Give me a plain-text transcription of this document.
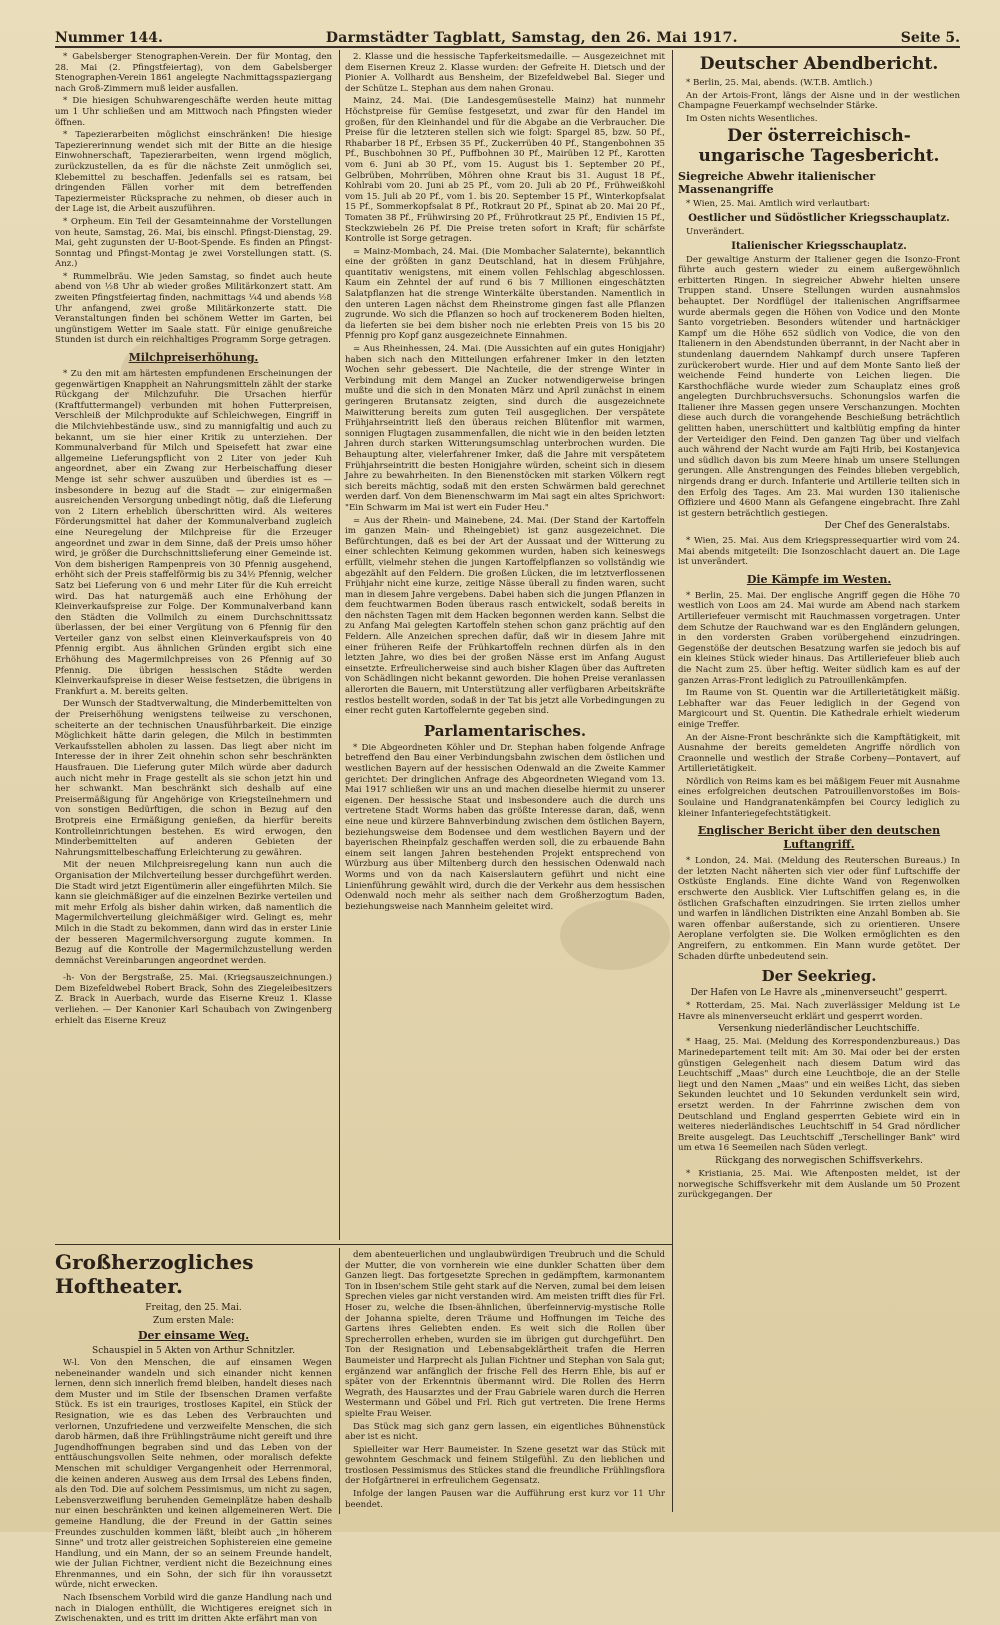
Nummer 144.	Darmstädter Tagblatt, Samstag, den 26. Mai 1917.	Seite 5.

* Gabelsberger Stenographen-Verein. Der für Montag, den 28. Mai (2. Pfingstfeiertag), von dem Gabelsberger Stenographen-Verein 1861 angelegte Nachmittagsspaziergang nach Groß-Zimmern muß leider ausfallen.

* Die hiesigen Schuhwarengeschäfte werden heute mittag um 1 Uhr schließen und am Mittwoch nach Pfingsten wieder öffnen.

* Tapezierarbeiten möglichst einschränken! Die hiesige Tapeziererinnung wendet sich mit der Bitte an die hiesige Einwohnerschaft, Tapezierarbeiten, wenn irgend möglich, zurückzustellen, da es für die nächste Zeit unmöglich sei, Klebemittel zu beschaffen. Jedenfalls sei es ratsam, bei dringenden Fällen vorher mit dem betreffenden Tapeziermeister Rücksprache zu nehmen, ob dieser auch in der Lage ist, die Arbeit auszuführen.

* Orpheum. Ein Teil der Gesamteinnahme der Vorstellungen von heute, Samstag, 26. Mai, bis einschl. Pfingst-Dienstag, 29. Mai, geht zugunsten der U-Boot-Spende. Es finden an Pfingst-Sonntag und Pfingst-Montag je zwei Vorstellungen statt. (S. Anz.)

* Rummelbräu. Wie jeden Samstag, so findet auch heute abend von ½8 Uhr ab wieder großes Militärkonzert statt. Am zweiten Pfingstfeiertag finden, nachmittags ¼4 und abends ½8 Uhr anfangend, zwei große Militärkonzerte statt. Die Veranstaltungen finden bei schönem Wetter im Garten, bei ungünstigem Wetter im Saale statt. Für einige genußreiche Stunden ist durch ein reichhaltiges Programm Sorge getragen.

Milchpreiserhöhung.

* Zu den mit am härtesten empfundenen Erscheinungen der gegenwärtigen Knappheit an Nahrungsmitteln zählt der starke Rückgang der Milchzufuhr. Die Ursachen hierfür (Kraftfuttermangel) verbunden mit hohen Futterpreisen, Verschleiß der Milchprodukte auf Schleichwegen, Eingriff in die Milchviehbestände usw., sind zu mannigfaltig und auch zu bekannt, um sie hier einer Kritik zu unterziehen. Der Kommunalverband für Milch und Speisefett hat zwar eine allgemeine Lieferungspflicht von 2 Liter von jeder Kuh angeordnet, aber ein Zwang zur Herbeischaffung dieser Menge ist sehr schwer auszuüben und überdies ist es — insbesondere in bezug auf die Stadt — zur einigermaßen ausreichenden Versorgung unbedingt nötig, daß die Lieferung von 2 Litern erheblich überschritten wird. Als weiteres Förderungsmittel hat daher der Kommunalverband zugleich eine Neuregelung der Milchpreise für die Erzeuger angeordnet und zwar in dem Sinne, daß der Preis umso höher wird, je größer die Durchschnittslieferung einer Gemeinde ist. Von dem bisherigen Rampenpreis von 30 Pfennig ausgehend, erhöht sich der Preis staffelförmig bis zu 34½ Pfennig, welcher Satz bei Lieferung von 6 und mehr Liter für die Kuh erreicht wird. Das hat naturgemäß auch eine Erhöhung der Kleinverkaufspreise zur Folge. Der Kommunalverband kann den Städten die Vollmilch zu einem Durchschnittssatz überlassen, der bei einer Vergütung von 6 Pfennig für den Verteiler ganz von selbst einen Kleinverkaufspreis von 40 Pfennig ergibt. Aus ähnlichen Gründen ergibt sich eine Erhöhung des Magermilchpreises von 26 Pfennig auf 30 Pfennig. Die übrigen hessischen Städte werden Kleinverkaufspreise in dieser Weise festsetzen, die übrigens in Frankfurt a. M. bereits gelten.

Der Wunsch der Stadtverwaltung, die Minderbemittelten von der Preiserhöhung wenigstens teilweise zu verschonen, scheiterte an der technischen Unausführbarkeit. Die einzige Möglichkeit hätte darin gelegen, die Milch in bestimmten Verkaufsstellen abholen zu lassen. Das liegt aber nicht im Interesse der in ihrer Zeit ohnehin schon sehr beschränkten Hausfrauen. Die Lieferung guter Milch würde aber dadurch auch nicht mehr in Frage gestellt als sie schon jetzt hin und her schwankt. Man beschränkt sich deshalb auf eine Preisermäßigung für Angehörige von Kriegsteilnehmern und von sonstigen Bedürftigen, die schon in Bezug auf den Brotpreis eine Ermäßigung genießen, da hierfür bereits Kontrolleinrichtungen bestehen. Es wird erwogen, den Minderbemittelten auf anderen Gebieten der Nahrungsmittelbeschaffung Erleichterung zu gewähren.

Mit der neuen Milchpreisregelung kann nun auch die Organisation der Milchverteilung besser durchgeführt werden. Die Stadt wird jetzt Eigentümerin aller eingeführten Milch. Sie kann sie gleichmäßiger auf die einzelnen Bezirke verteilen und mit mehr Erfolg als bisher dahin wirken, daß namentlich die Magermilchverteilung gleichmäßiger wird. Gelingt es, mehr Milch in die Stadt zu bekommen, dann wird das in erster Linie der besseren Magermilchversorgung zugute kommen. In Bezug auf die Kontrolle der Magermilchzustellung werden demnächst Vereinbarungen angeordnet werden.

-h- Von der Bergstraße, 25. Mai. (Kriegsauszeichnungen.) Dem Bizefeldwebel Robert Brack, Sohn des Ziegeleibesitzers Z. Brack in Auerbach, wurde das Eiserne Kreuz 1. Klasse verliehen. — Der Kanonier Karl Schaubach von Zwingenberg erhielt das Eiserne Kreuz

2. Klasse und die hessische Tapferkeitsmedaille. — Ausgezeichnet mit dem Eisernen Kreuz 2. Klasse wurden: der Gefreite H. Dietsch und der Pionier A. Vollhardt aus Bensheim, der Bizefeldwebel Bal. Sieger und der Schütze L. Stephan aus dem nahen Gronau.

Mainz, 24. Mai. (Die Landesgemüsestelle Mainz) hat nunmehr Höchstpreise für Gemüse festgesetzt, und zwar für den Handel im großen, für den Kleinhandel und für die Abgabe an die Verbraucher. Die Preise für die letzteren stellen sich wie folgt: Spargel 85, bzw. 50 Pf., Rhabarber 18 Pf., Erbsen 35 Pf., Zuckerrüben 40 Pf., Stangenbohnen 35 Pf., Buschbohnen 30 Pf., Puffbohnen 30 Pf., Mairüben 12 Pf., Karotten vom 6. Juni ab 30 Pf., vom 15. August bis 1. September 20 Pf., Gelbrüben, Mohrrüben, Möhren ohne Kraut bis 31. August 18 Pf., Kohlrabi vom 20. Juni ab 25 Pf., vom 20. Juli ab 20 Pf., Frühweißkohl vom 15. Juli ab 20 Pf., vom 1. bis 20. September 15 Pf., Winterkopfsalat 15 Pf., Sommerkopfsalat 8 Pf., Rotkraut 20 Pf., Spinat ab 20. Mai 20 Pf., Tomaten 38 Pf., Frühwirsing 20 Pf., Frührotkraut 25 Pf., Endivien 15 Pf., Steckzwiebeln 26 Pf. Die Preise treten sofort in Kraft; für schärfste Kontrolle ist Sorge getragen.

= Mainz-Mombach, 24. Mai. (Die Mombacher Salaternte), bekanntlich eine der größten in ganz Deutschland, hat in diesem Frühjahre, quantitativ wenigstens, mit einem vollen Fehlschlag abgeschlossen. Kaum ein Zehntel der auf rund 6 bis 7 Millionen eingeschätzten Salatpflanzen hat die strenge Winterkälte überstanden. Namentlich in den unteren Lagen nächst dem Rheinstrome gingen fast alle Pflanzen zugrunde. Wo sich die Pflanzen so hoch auf trockenerem Boden hielten, da lieferten sie bei dem bisher noch nie erlebten Preis von 15 bis 20 Pfennig pro Kopf ganz ausgezeichnete Einnahmen.

= Aus Rheinhessen, 24. Mai. (Die Aussichten auf ein gutes Honigjahr) haben sich nach den Mitteilungen erfahrener Imker in den letzten Wochen sehr gebessert. Die Nachteile, die der strenge Winter in Verbindung mit dem Mangel an Zucker notwendigerweise bringen mußte und die sich in den Monaten März und April zunächst in einem geringeren Brutansatz zeigten, sind durch die ausgezeichnete Maiwitterung bereits zum guten Teil ausgeglichen. Der verspätete Frühjahrseintritt ließ den überaus reichen Blütenflor mit warmen, sonnigen Flugtagen zusammenfallen, die nicht wie in den beiden letzten Jahren durch starken Witterungsumschlag unterbrochen wurden. Die Behauptung alter, vielerfahrener Imker, daß die Jahre mit verspätetem Frühjahrseintritt die besten Honigjahre würden, scheint sich in diesem Jahre zu bewahrheiten. In den Bienenstöcken mit starken Völkern regt sich bereits mächtig, sodaß mit den ersten Schwärmen bald gerechnet werden darf. Von dem Bienenschwarm im Mai sagt ein altes Sprichwort: "Ein Schwarm im Mai ist wert ein Fuder Heu."

= Aus der Rhein- und Mainebene, 24. Mai. (Der Stand der Kartoffeln im ganzen Main- und Rheingebiet) ist ganz ausgezeichnet. Die Befürchtungen, daß es bei der Art der Aussaat und der Witterung zu einer schlechten Keimung gekommen wurden, haben sich keineswegs erfüllt, vielmehr stehen die jungen Kartoffelpflanzen so vollständig wie abgezählt auf den Feldern. Die großen Lücken, die im letztverflossenen Frühjahr nicht eine kurze, zeitige Nässe überall zu finden waren, sucht man in diesem Jahre vergebens. Dabei haben sich die jungen Pflanzen in dem feuchtwarmen Boden überaus rasch entwickelt, sodaß bereits in den nächsten Tagen mit dem Hacken begonnen werden kann. Selbst die zu Anfang Mai gelegten Kartoffeln stehen schon ganz prächtig auf den Feldern. Alle Anzeichen sprechen dafür, daß wir in diesem Jahre mit einer früheren Reife der Frühkartoffeln rechnen dürfen als in den letzten Jahre, wo dies bei der großen Nässe erst im Anfang August einsetzte. Erfreulicherweise sind auch bisher Klagen über das Auftreten von Schädlingen nicht bekannt geworden. Die hohen Preise veranlassen allerorten die Bauern, mit Unterstützung aller verfügbaren Arbeitskräfte restlos bestellt worden, sodaß in der Tat bis jetzt alle Vorbedingungen zu einer recht guten Kartoffelernte gegeben sind.

Parlamentarisches.

* Die Abgeordneten Köhler und Dr. Stephan haben folgende Anfrage betreffend den Bau einer Verbindungsbahn zwischen dem östlichen und westlichen Bayern auf der hessischen Odenwald an die Zweite Kammer gerichtet: Der dringlichen Anfrage des Abgeordneten Wiegand vom 13. Mai 1917 schließen wir uns an und machen dieselbe hiermit zu unserer eigenen. Der hessische Staat und insbesondere auch die durch uns vertretene Stadt Worms haben das größte Interesse daran, daß, wenn eine neue und kürzere Bahnverbindung zwischen dem östlichen Bayern, beziehungsweise dem Bodensee und dem westlichen Bayern und der bayerischen Rheinpfalz geschaffen werden soll, die zu erbauende Bahn einem seit langen Jahren bestehenden Projekt entsprechend von Würzburg aus über Miltenberg durch den hessischen Odenwald nach Worms und von da nach Kaiserslautern geführt und nicht eine Linienführung gewählt wird, durch die der Verkehr aus dem hessischen Odenwald noch mehr als seither nach dem Großherzogtum Baden, beziehungsweise nach Mannheim geleitet wird.

Deutscher Abendbericht.

* Berlin, 25. Mai, abends. (W.T.B. Amtlich.)

An der Artois-Front, längs der Aisne und in der westlichen Champagne Feuerkampf wechselnder Stärke.

Im Osten nichts Wesentliches.

Der österreichisch-ungarische Tagesbericht.
Siegreiche Abwehr italienischer Massenangriffe

* Wien, 25. Mai. Amtlich wird verlautbart:

Oestlicher und Südöstlicher Kriegsschauplatz.

Unverändert.

Italienischer Kriegsschauplatz.

Der gewaltige Ansturm der Italiener gegen die Isonzo-Front führte auch gestern wieder zu einem außergewöhnlich erbitterten Ringen. In siegreicher Abwehr hielten unsere Truppen stand. Unsere Stellungen wurden ausnahmslos behauptet. Der Nordflügel der italienischen Angriffsarmee wurde abermals gegen die Höhen von Vodice und den Monte Santo vorgetrieben. Besonders wütender und hartnäckiger Kampf um die Höhe 652 südlich von Vodice, die von den Italienern in den Abendstunden überrannt, in der Nacht aber in stundenlang dauerndem Nahkampf durch unsere Tapferen zurückerobert wurde. Hier und auf dem Monte Santo ließ der weichende Feind hunderte von Leichen liegen. Die Karsthochfläche wurde wieder zum Schauplatz eines groß angelegten Durchbruchsversuchs. Schonungslos warfen die Italiener ihre Massen gegen unsere Verschanzungen. Mochten diese auch durch die vorangehende Beschießung beträchtlich gelitten haben, unerschüttert und kaltblütig empfing da hinter der Verteidiger den Feind. Den ganzen Tag über und vielfach auch während der Nacht wurde am Fajti Hrib, bei Kostanjevica und südlich davon bis zum Meere hinab um unsere Stellungen gerungen. Alle Anstrengungen des Feindes blieben vergeblich, nirgends drang er durch. Infanterie und Artillerie teilten sich in den Erfolg des Tages. Am 23. Mai wurden 130 italienische Offiziere und 4600 Mann als Gefangene eingebracht. Ihre Zahl ist gestern beträchtlich gestiegen.

Der Chef des Generalstabs.

* Wien, 25. Mai. Aus dem Kriegspressequartier wird vom 24. Mai abends mitgeteilt: Die Isonzoschlacht dauert an. Die Lage ist unverändert.

Die Kämpfe im Westen.

* Berlin, 25. Mai. Der englische Angriff gegen die Höhe 70 westlich von Loos am 24. Mai wurde am Abend nach starkem Artilleriefeuer vermischt mit Rauchmassen vorgetragen. Unter dem Schutze der Rauchwand war es den Engländern gelungen, in den vordersten Graben vorübergehend einzudringen. Gegenstöße der deutschen Besatzung warfen sie jedoch bis auf ein kleines Stück wieder hinaus. Das Artilleriefeuer blieb auch die Nacht zum 25. über heftig. Weiter südlich kam es auf der ganzen Arras-Front lediglich zu Patrouillenkämpfen.

Im Raume von St. Quentin war die Artillerietätigkeit mäßig. Lebhafter war das Feuer lediglich in der Gegend von Margicourt und St. Quentin. Die Kathedrale erhielt wiederum einige Treffer.

An der Aisne-Front beschränkte sich die Kampftätigkeit, mit Ausnahme der bereits gemeldeten Angriffe nördlich von Craonnelle und westlich der Straße Corbeny—Pontavert, auf Artillerietätigkeit.

Nördlich von Reims kam es bei mäßigem Feuer mit Ausnahme eines erfolgreichen deutschen Patrouillenvorstoßes im Bois-Soulaine und Handgranatenkämpfen bei Courcy lediglich zu kleiner Infanteriegefechtstätigkeit.

Englischer Bericht über den deutschen Luftangriff.

* London, 24. Mai. (Meldung des Reuterschen Bureaus.) In der letzten Nacht näherten sich vier oder fünf Luftschiffe der Ostküste Englands. Eine dichte Wand von Regenwolken erschwerte den Ausblick. Vier Luftschiffen gelang es, in die östlichen Grafschaften einzudringen. Sie irrten ziellos umher und warfen in ländlichen Distrikten eine Anzahl Bomben ab. Sie waren offenbar außerstande, sich zu orientieren. Unsere Aeroplane verfolgten sie. Die Wolken ermöglichten es den Angreifern, zu entkommen. Ein Mann wurde getötet. Der Schaden dürfte unbedeutend sein.

Der Seekrieg.
Der Hafen von Le Havre als „minenverseucht" gesperrt.

* Rotterdam, 25. Mai. Nach zuverlässiger Meldung ist Le Havre als minenverseucht erklärt und gesperrt worden.

Versenkung niederländischer Leuchtschiffe.

* Haag, 25. Mai. (Meldung des Korrespondenzbureaus.) Das Marinedepartement teilt mit: Am 30. Mai oder bei der ersten günstigen Gelegenheit nach diesem Datum wird das Leuchtschiff „Maas" durch eine Leuchtboje, die an der Stelle liegt und den Namen „Maas" und ein weißes Licht, das sieben Sekunden leuchtet und 10 Sekunden verdunkelt sein wird, ersetzt werden. In der Fahrrinne zwischen dem von Deutschland und England gesperrten Gebiete wird ein in weiteres niederländisches Leuchtschiff in 54 Grad nördlicher Breite ausgelegt. Das Leuchtschiff „Terschellinger Bank" wird um etwa 16 Seemeilen nach Süden verlegt.

Rückgang des norwegischen Schiffsverkehrs.

* Kristiania, 25. Mai. Wie Aftenposten meldet, ist der norwegische Schiffsverkehr mit dem Auslande um 50 Prozent zurückgegangen. Der

Großherzogliches Hoftheater.
Freitag, den 25. Mai.
Zum ersten Male:
Der einsame Weg.
Schauspiel in 5 Akten von Arthur Schnitzler.

W-l. Von den Menschen, die auf einsamen Wegen nebeneinander wandeln und sich einander nicht kennen lernen, denn sich innerlich fremd bleiben, handelt dieses nach dem Muster und im Stile der Ibsenschen Dramen verfaßte Stück. Es ist ein trauriges, trostloses Kapitel, ein Stück der Resignation, wie es das Leben des Verbrauchten und verlornen, Unzufriedene und verzweifelte Menschen, die sich darob härmen, daß ihre Frühlingsträume nicht gereift und ihre Jugendhoffnungen begraben sind und das Leben von der enttäuschungsvollen Seite nehmen, oder moralisch defekte Menschen mit schuldiger Vergangenheit oder Herrenmoral, die keinen anderen Ausweg aus dem Irrsal des Lebens finden, als den Tod. Die auf solchem Pessimismus, um nicht zu sagen, Lebensverzweiflung beruhenden Gemeinplätze haben deshalb nur einen beschränkten und keinen allgemeineren Wert. Die gemeine Handlung, die der Freund in der Gattin seines Freundes zuschulden kommen läßt, bleibt auch „in höherem Sinne" und trotz aller geistreichen Sophistereien eine gemeine Handlung, und ein Mann, der so an seinem Freunde handelt, wie der Julian Fichtner, verdient nicht die Bezeichnung eines Ehrenmannes, und ein Sohn, der sich für ihn voraussetzt würde, nicht erwecken.

Nach Ibsenschem Vorbild wird die ganze Handlung nach und nach in Dialogen enthüllt, die Wichtigeres ereignet sich in Zwischenakten, und es tritt im dritten Akte erfährt man von

dem abenteuerlichen und unglaubwürdigen Treubruch und die Schuld der Mutter, die von vornherein wie eine dunkler Schatten über dem Ganzen liegt. Das fortgesetzte Sprechen in gedämpftem, karmonantem Ton in Ibsen'schem Stile geht stark auf die Nerven, zumal bei dem leisen Sprechen vieles gar nicht verstanden wird. Am meisten trifft dies für Frl. Hoser zu, welche die Ibsen-ähnlichen, überfeinnervig-mystische Rolle der Johanna spielte, deren Träume und Hoffnungen im Teiche des Gartens ihres Geliebten enden. Es weit sich die Rollen über Sprecherrollen erheben, wurden sie im übrigen gut durchgeführt. Den Ton der Resignation und Lebensabgeklärtheit trafen die Herren Baumeister und Harprecht als Julian Fichtner und Stephan von Sala gut; ergänzend war anfänglich der frische Fell des Herrn Ehle, bis auf er später von der Erkenntnis übermannt wird. Die Rollen des Herrn Wegrath, des Hausarztes und der Frau Gabriele waren durch die Herren Westermann und Göbel und Frl. Rich gut vertreten. Die Irene Herms spielte Frau Weiser.

Das Stück mag sich ganz gern lassen, ein eigentliches Bühnenstück aber ist es nicht.

Spielleiter war Herr Baumeister. In Szene gesetzt war das Stück mit gewohntem Geschmack und feinem Stilgefühl. Zu den lieblichen und trostlosen Pessimismus des Stückes stand die freundliche Frühlingsflora der Hofgärtnerei in erfreulichem Gegensatz.

Infolge der langen Pausen war die Aufführung erst kurz vor 11 Uhr beendet.
